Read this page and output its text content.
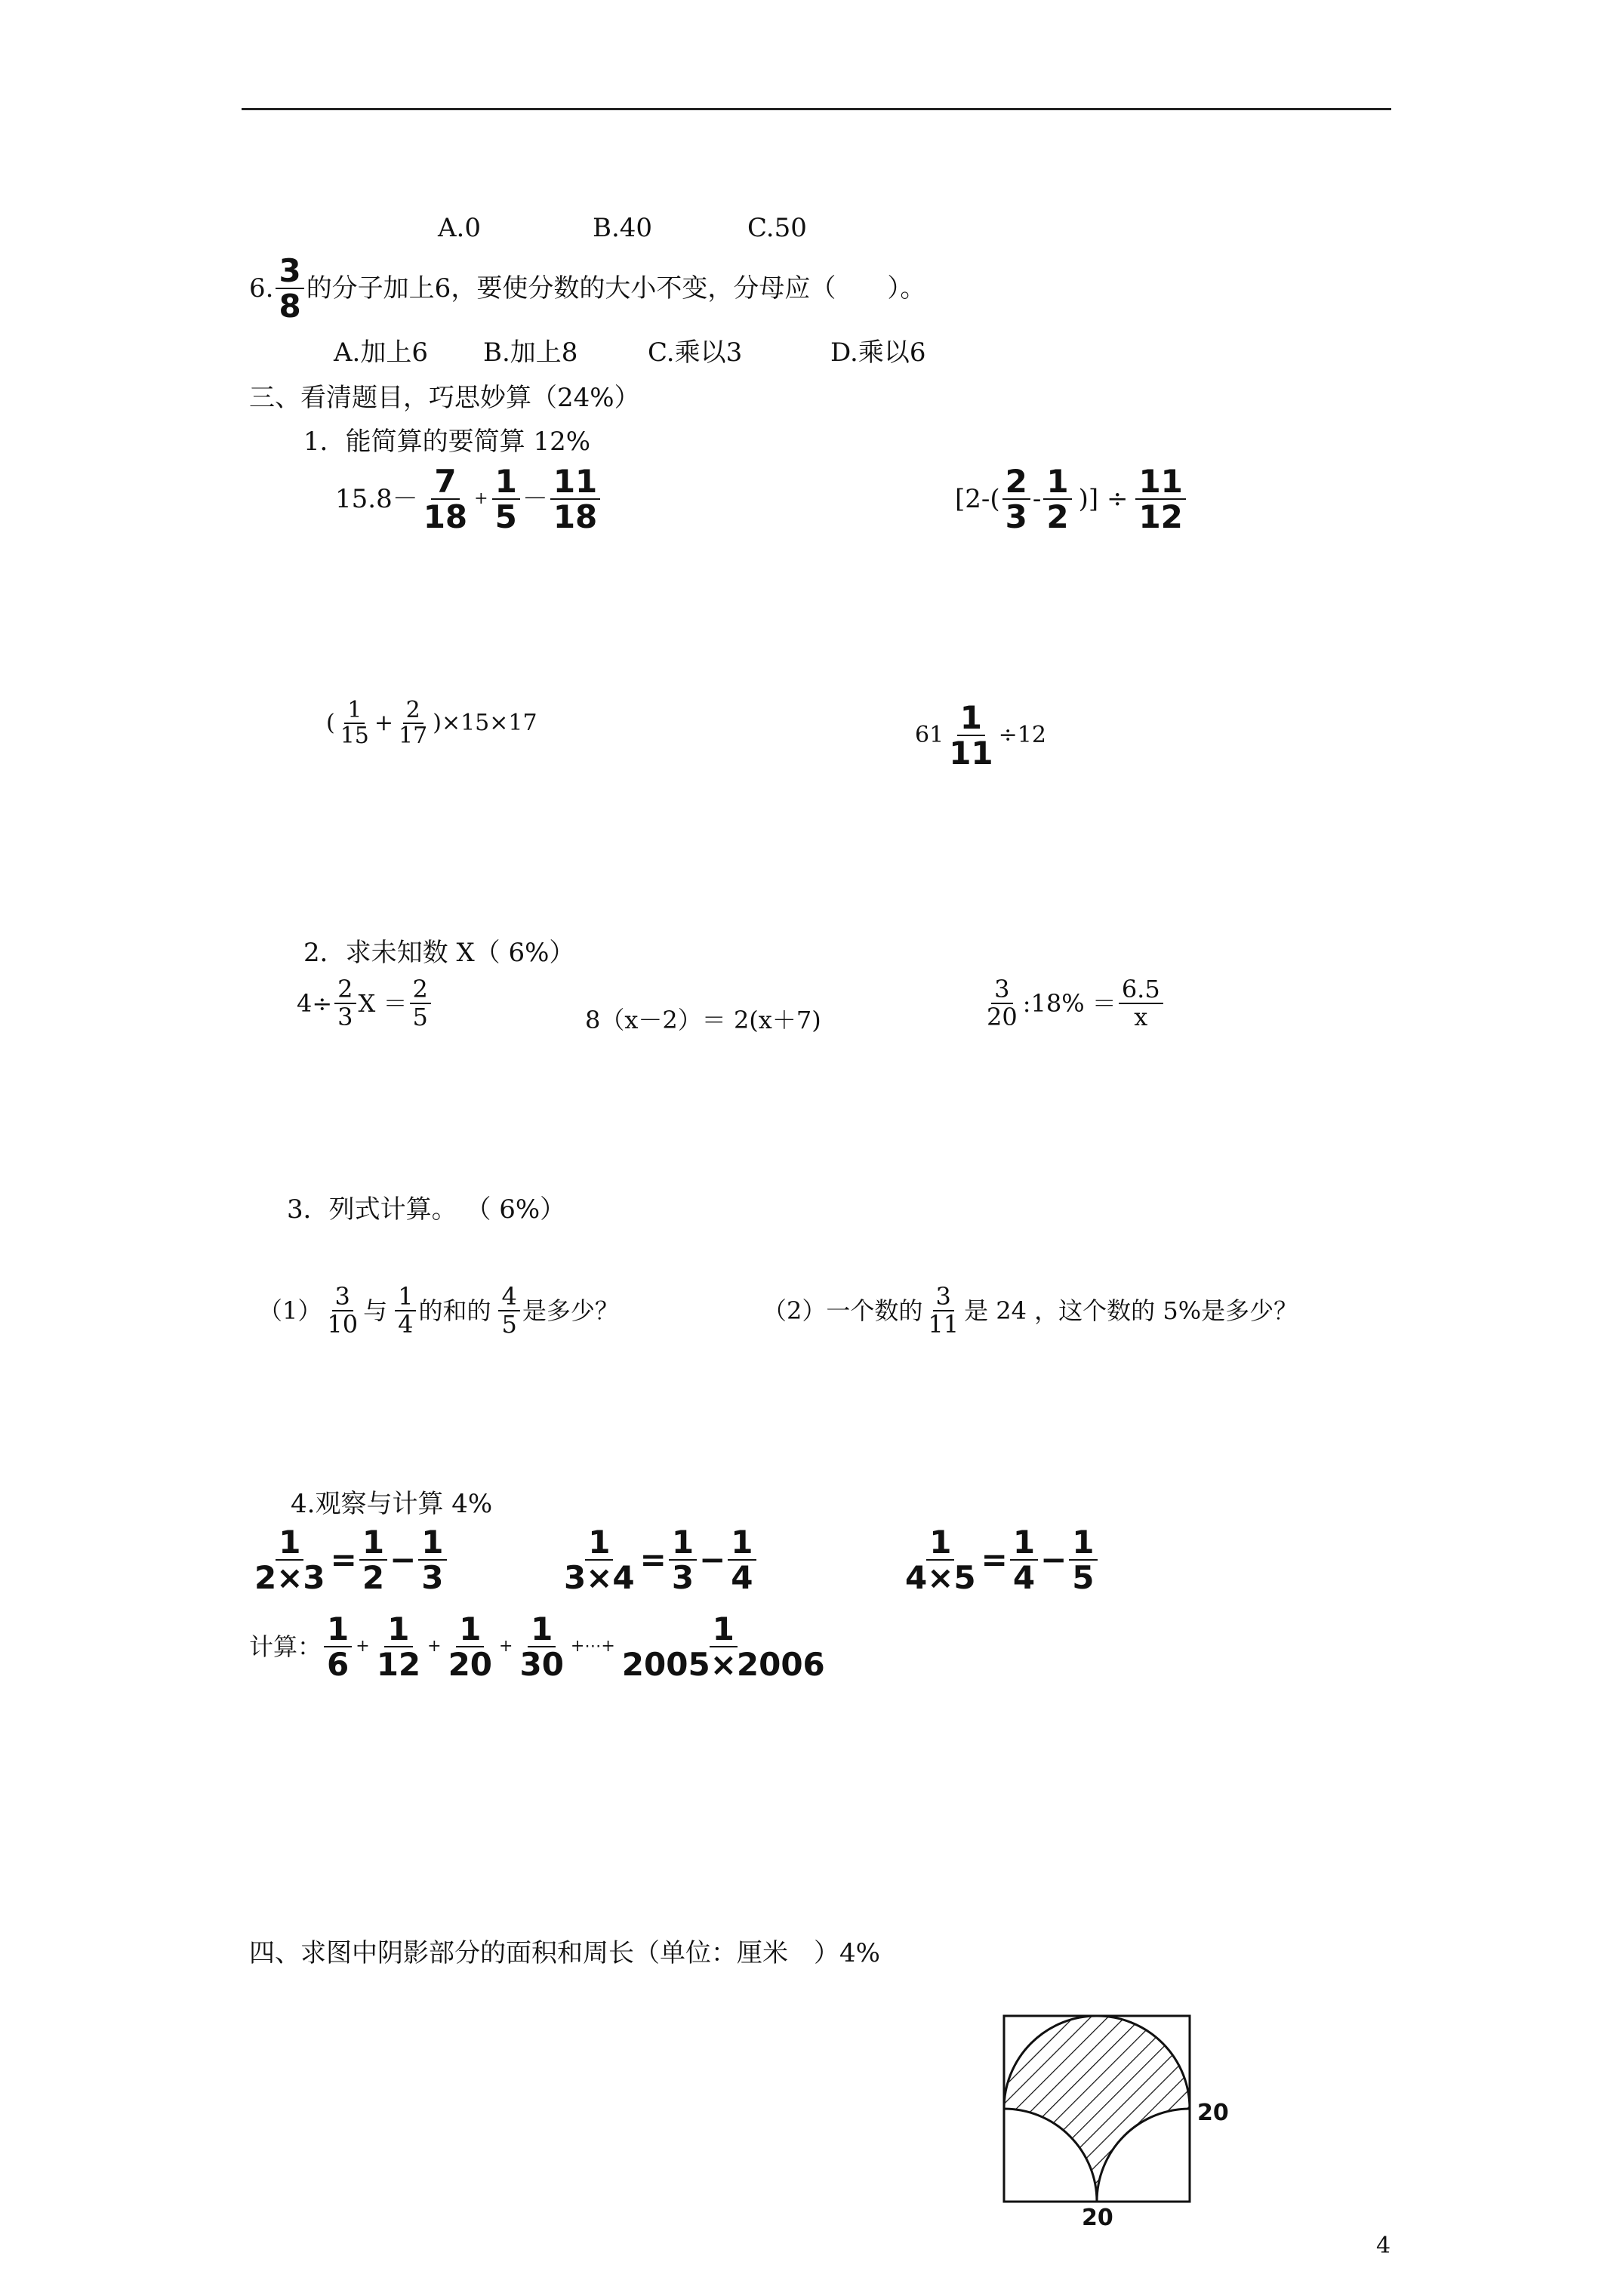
A.0	B.40	C.50
6. $\frac{3}{8}$ 的分子加上6，要使分数的大小不变，分母应（　　）。
A.加上6 B.加上8	C.乘以3	D.乘以6
三、看清题目，巧思妙算（24%）
1．能简算的要简算 12%
$15.8- \frac{7}{18} + \frac{1}{5} - \frac{11}{18}$	[$2-( \frac{2}{3} - \frac{1}{2}$ )] ÷ $\frac{11}{12}$
( $\frac{1}{15} + \frac{2}{17} )\times 15\times 17$	$61 \frac{1}{11} \div 12$
2．求未知数 X（ 6%）
$4\div \frac{2}{3}$ $X = \frac{2}{5}$	8（x－2）＝ 2(x＋7)	$\frac{3}{20}$ :18% ＝ $\frac{6.5}{x}$
3．列式计算。 （ 6%）
$(1) \frac{3}{10}$ 与 $\frac{1}{4}$ 的和的 $\frac{4}{5}$ 是多少？	（2）一个数的 $\frac{3}{11}$ 是 24 ，这个数的 5%是多少？
4.观察与计算 4%
$\frac{1}{2\times 3} = \frac{1}{2} - \frac{1}{3}$	$\frac{1}{3\times 4} = \frac{1}{3} - \frac{1}{4}$	$\frac{1}{4\times 5} = \frac{1}{4} - \frac{1}{5}$
计算： $\frac{1}{6} + \frac{1}{12} + \frac{1}{20} + \frac{1}{30}$ +⋯+ $\frac{1}{2005\times 2006}$
四、求图中阴影部分的面积和周长（单位：厘米　）4%
20
20
4
